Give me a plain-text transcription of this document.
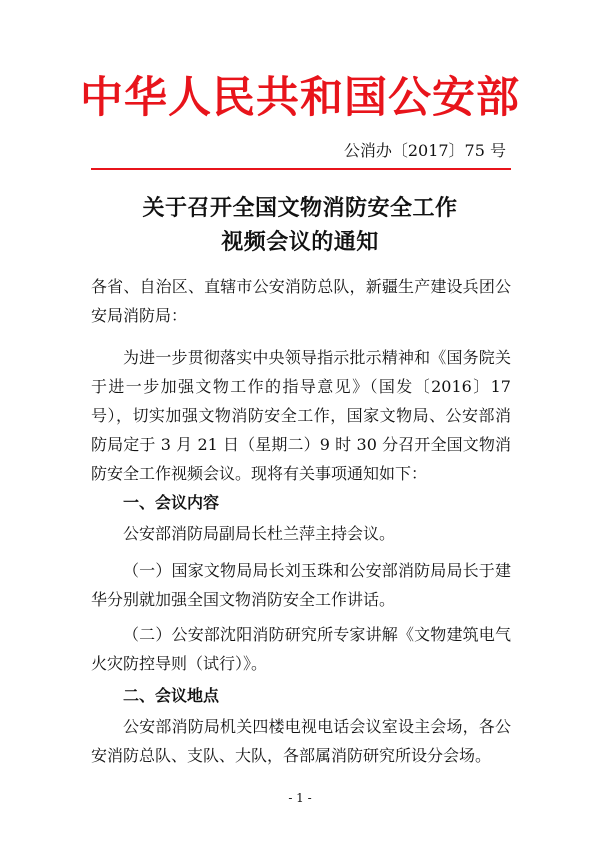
中华人民共和国公安部
公消办〔2017〕75 号
关于召开全国文物消防安全工作
视频会议的通知
各省、自治区、直辖市公安消防总队，新疆生产建设兵团公安局消防局：
为进一步贯彻落实中央领导指示批示精神和《国务院关于进一步加强文物工作的指导意见》（国发〔2016〕17 号），切实加强文物消防安全工作，国家文物局、公安部消防局定于 3 月 21 日（星期二）9 时 30 分召开全国文物消防安全工作视频会议。现将有关事项通知如下：
一、会议内容
公安部消防局副局长杜兰萍主持会议。
（一）国家文物局局长刘玉珠和公安部消防局局长于建华分别就加强全国文物消防安全工作讲话。
（二）公安部沈阳消防研究所专家讲解《文物建筑电气火灾防控导则（试行）》。
二、会议地点
公安部消防局机关四楼电视电话会议室设主会场，各公安消防总队、支队、大队，各部属消防研究所设分会场。
- 1 -
